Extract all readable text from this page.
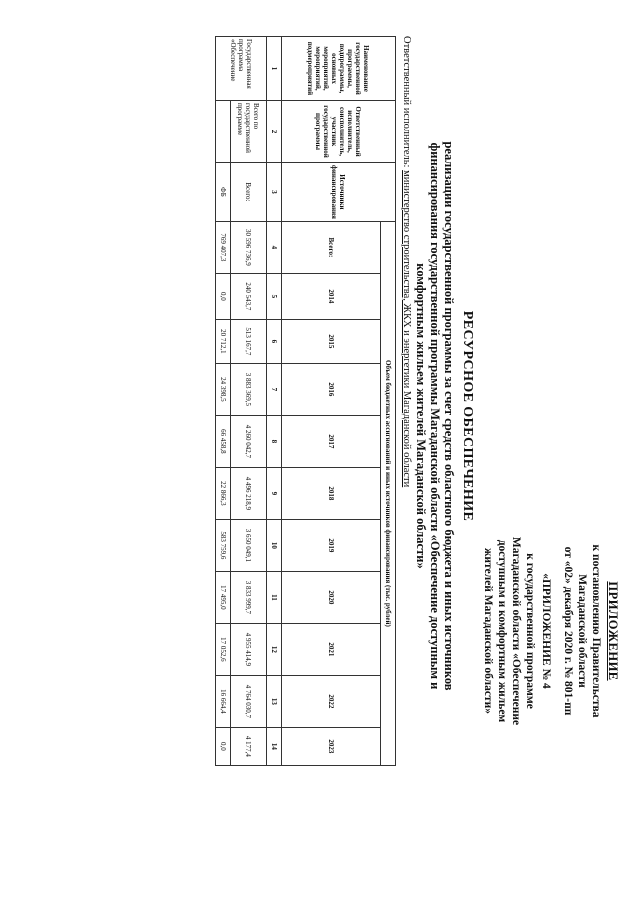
ПРИЛОЖЕНИЕ
к постановлению Правительства
Магаданской области
от «02» декабря 2020 г. № 801-пп
«ПРИЛОЖЕНИЕ № 4
к государственной программе
Магаданской области «Обеспечение
доступным и комфортным жильем
жителей Магаданской области»
РЕСУРСНОЕ ОБЕСПЕЧЕНИЕ
реализации государственной программы за счет средств областного бюджета и иных источников
финансирования государственной программы Магаданской области «Обеспечение доступным и
комфортным жильем жителей Магаданской области»
Ответственный исполнитель: министерство строительства, ЖКХ и энергетики Магаданской области
Наименование государственной программы, подпрограммы, основных мероприятий, мероприятий, подмероприятий	Ответственный исполнитель, соисполнитель, участник государственной программы	Источники финансирования	Объем бюджетных ассигнований и иных источников финансирования (тыс. рублей)										
			Всего:	2014	2015	2016	2017	2018	2019	2020	2021	2022	2023
1	2	3	4	5	6	7	8	9	10	11	12	13	14
Государственная программа «Обеспечение	Всего по государственной программе	Всего:	30 596 736,9	240 543,7	513 167,7	3 883 369,5	4 260 042,7	4 496 218,9	3 650 049,1	3 833 999,7	4 955 414,9	4 764 030,7	4 177,4
		ФБ	769 407,3	0,0	20 712,1	24 398,5	66 458,8	22 866,3	583 759,6	17 495,0	17 052,6	16 664,4	0,0
